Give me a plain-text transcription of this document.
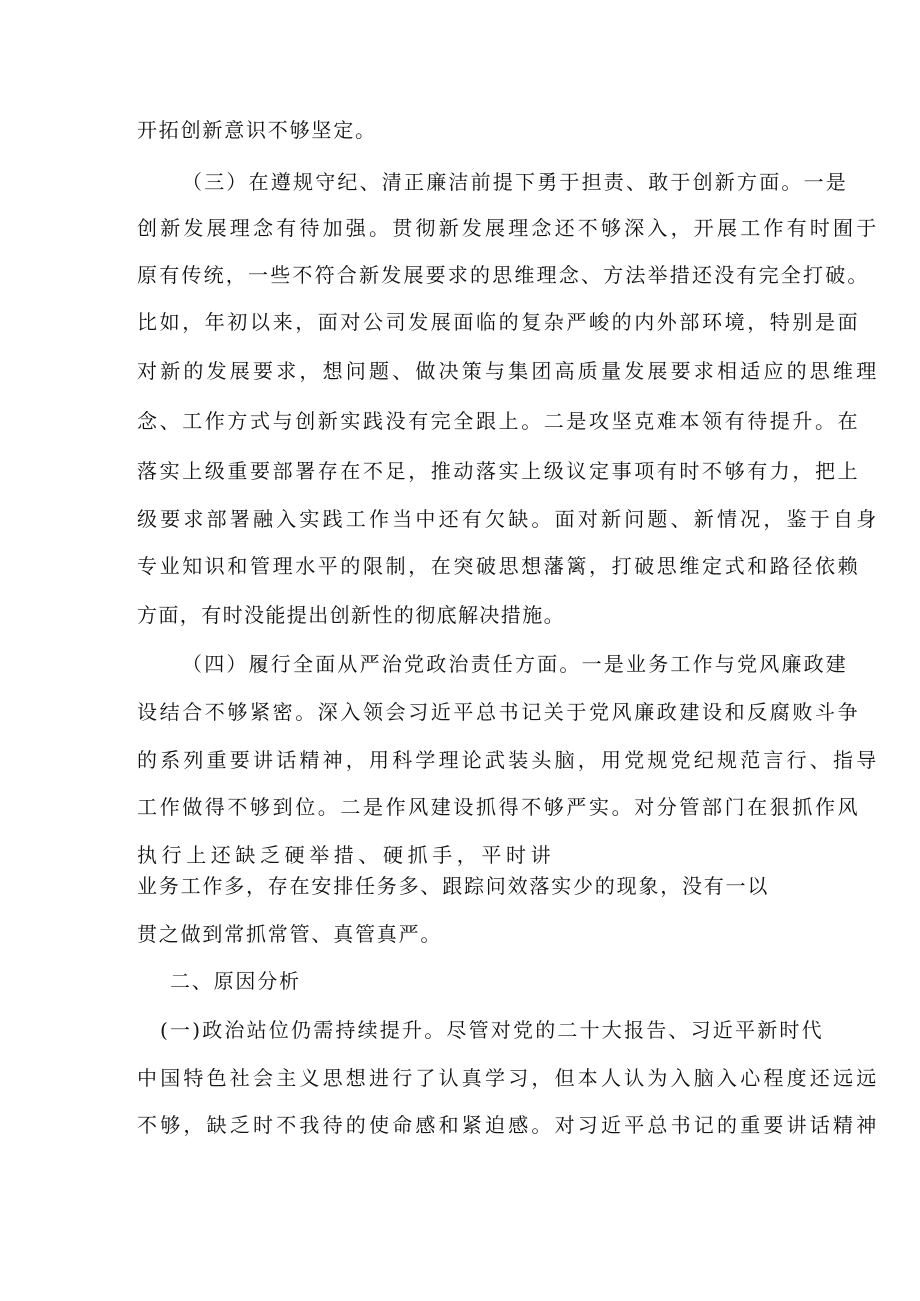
开拓创新意识不够坚定。
（三）在遵规守纪、清正廉洁前提下勇于担责、敢于创新方面。一是
创新发展理念有待加强。贯彻新发展理念还不够深入，开展工作有时囿于
原有传统，一些不符合新发展要求的思维理念、方法举措还没有完全打破。
比如，年初以来，面对公司发展面临的复杂严峻的内外部环境，特别是面
对新的发展要求，想问题、做决策与集团高质量发展要求相适应的思维理
念、工作方式与创新实践没有完全跟上。二是攻坚克难本领有待提升。在
落实上级重要部署存在不足，推动落实上级议定事项有时不够有力，把上
级要求部署融入实践工作当中还有欠缺。面对新问题、新情况，鉴于自身
专业知识和管理水平的限制，在突破思想藩篱，打破思维定式和路径依赖
方面，有时没能提出创新性的彻底解决措施。
（四）履行全面从严治党政治责任方面。一是业务工作与党风廉政建
设结合不够紧密。深入领会习近平总书记关于党风廉政建设和反腐败斗争
的系列重要讲话精神，用科学理论武装头脑，用党规党纪规范言行、指导
工作做得不够到位。二是作风建设抓得不够严实。对分管部门在狠抓作风
执行上还缺乏硬举措、硬抓手，平时讲
业务工作多，存在安排任务多、跟踪问效落实少的现象，没有一以
贯之做到常抓常管、真管真严。
二、原因分析
(一)政治站位仍需持续提升。尽管对党的二十大报告、习近平新时代
中国特色社会主义思想进行了认真学习，但本人认为入脑入心程度还远远
不够，缺乏时不我待的使命感和紧迫感。对习近平总书记的重要讲话精神
